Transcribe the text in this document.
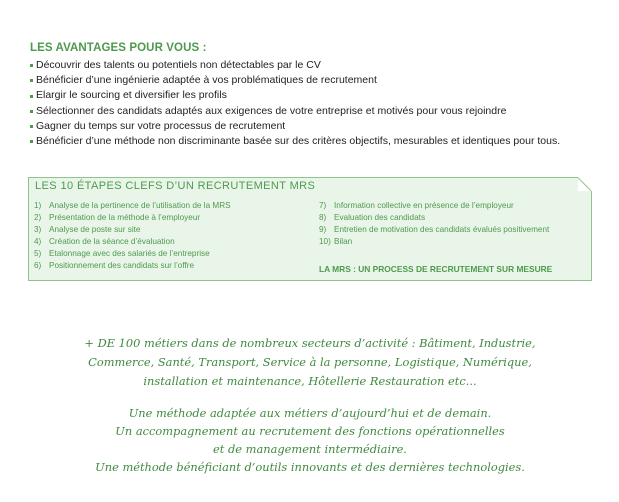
LES AVANTAGES POUR VOUS :
Découvrir des talents ou potentiels non détectables par le CV
Bénéficier d’une ingénierie adaptée à vos problématiques de recrutement
Elargir le sourcing et diversifier les profils
Sélectionner des candidats adaptés aux exigences de votre entreprise et motivés pour vous rejoindre
Gagner du temps sur votre processus de recrutement
Bénéficier d’une méthode non discriminante basée sur des critères objectifs, mesurables et identiques pour tous.
LES 10 ÉTAPES CLEFS D’UN RECRUTEMENT MRS
1) Analyse de la pertinence de l’utilisation de la MRS
2) Présentation de la méthode à l’employeur
3) Analyse de poste sur site
4) Création de la séance d’évaluation
5) Etalonnage avec des salariés de l’entreprise
6) Positionnement des candidats sur l’offre
7) Information collective en présence de l’employeur
8) Evaluation des candidats
9) Entretien de motivation des candidats évalués positivement
10) Bilan
LA MRS : UN PROCESS DE RECRUTEMENT SUR MESURE

+ DE 100 métiers dans de nombreux secteurs d’activité : Bâtiment, Industrie,
Commerce, Santé, Transport, Service à la personne, Logistique, Numérique,
installation et maintenance, Hôtellerie Restauration etc...

Une méthode adaptée aux métiers d’aujourd’hui et de demain.
Un accompagnement au recrutement des fonctions opérationnelles
et de management intermédiaire.
Une méthode bénéficiant d’outils innovants et des dernières technologies.
